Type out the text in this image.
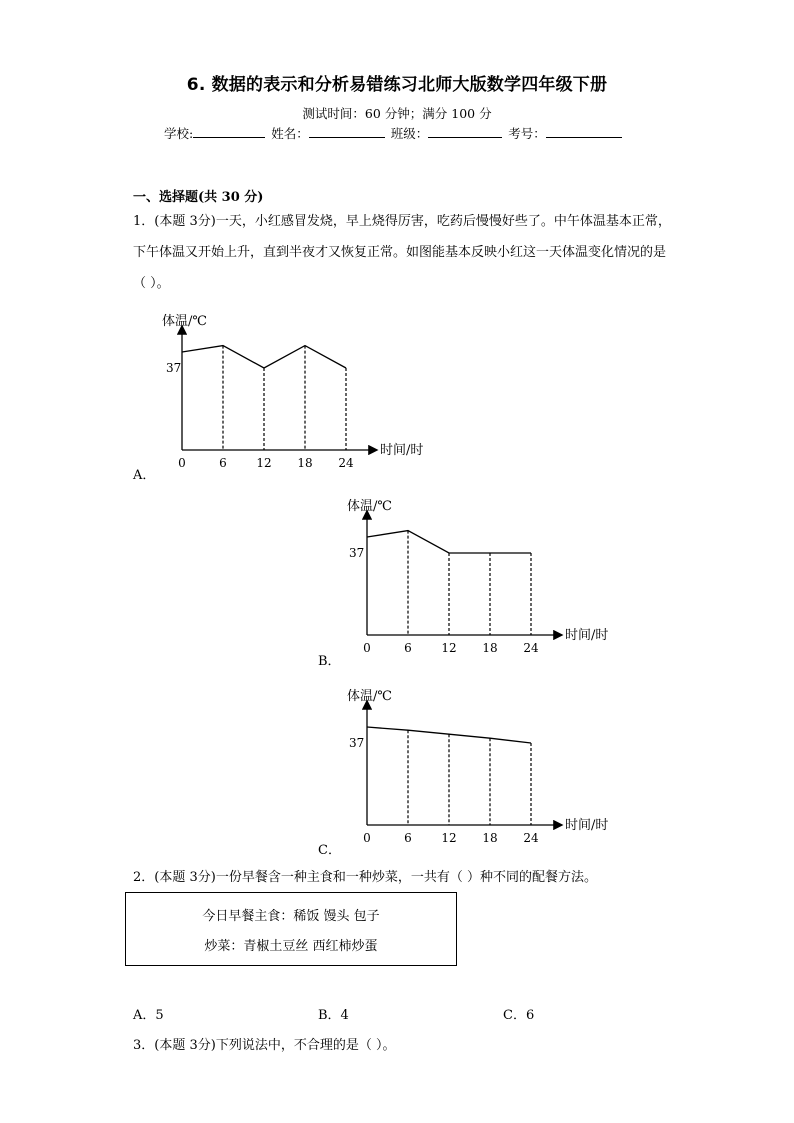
6. 数据的表示和分析易错练习北师大版数学四年级下册
测试时间：60 分钟；满分 100 分
学校:	姓名：	班级：	考号：
一、选择题(共 30 分)
1．(本题 3分)一天，小红感冒发烧，早上烧得厉害，吃药后慢慢好些了。中午体温基本正常，下午体温又开始上升，直到半夜才又恢复正常。如图能基本反映小红这一天体温变化情况的是（ ）。
体温/℃
时间/时
37
0	6 12 18 24
A．
体温/℃
时间/时
37
0	6 12 18 24
B．
体温/℃
时间/时
37
0	6 12 18 24
C．
2．(本题 3分)一份早餐含一种主食和一种炒菜，一共有（ ）种不同的配餐方法。
今日早餐主食：稀饭 馒头 包子
炒菜：青椒土豆丝 西红柿炒蛋
A．5	B．4	C．6
3．(本题 3分)下列说法中，不合理的是（ ）。
